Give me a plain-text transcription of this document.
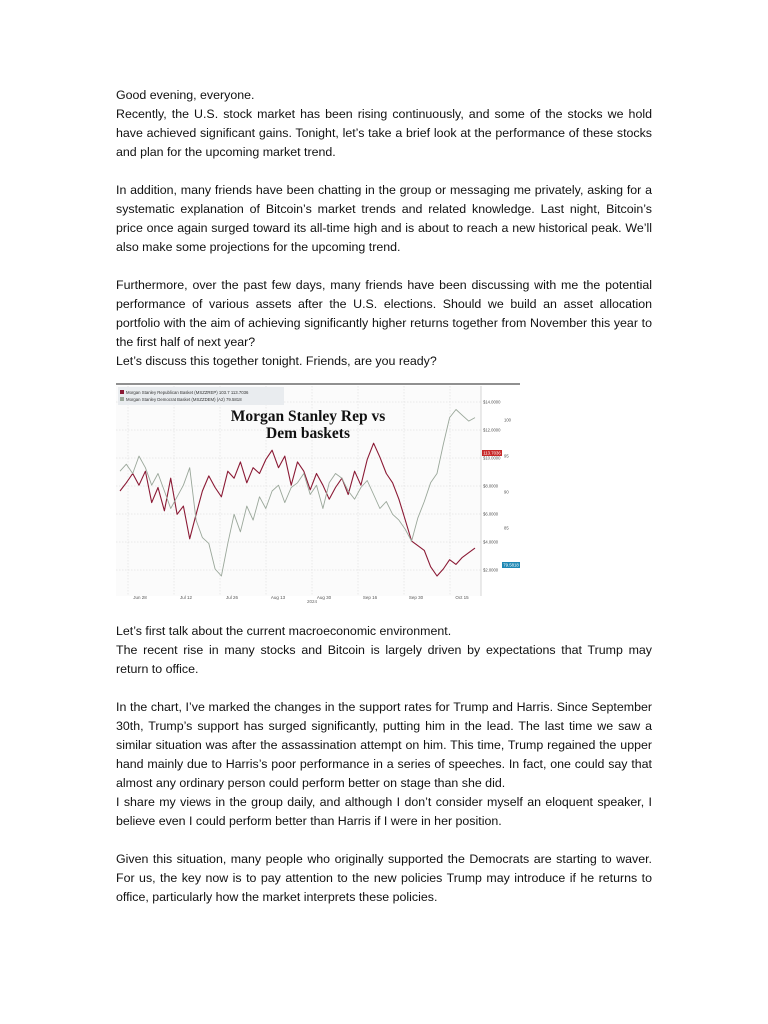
Good evening, everyone.

Recently, the U.S. stock market has been rising continuously, and some of the stocks we hold have achieved significant gains. Tonight, let’s take a brief look at the performance of these stocks and plan for the upcoming market trend.

In addition, many friends have been chatting in the group or messaging me privately, asking for a systematic explanation of Bitcoin’s market trends and related knowledge. Last night, Bitcoin’s price once again surged toward its all-time high and is about to reach a new historical peak. We’ll also make some projections for the upcoming trend.

Furthermore, over the past few days, many friends have been discussing with me the potential performance of various assets after the U.S. elections. Should we build an asset allocation portfolio with the aim of achieving significantly higher returns together from November this year to the first half of next year?

Let’s discuss this together tonight. Friends, are you ready?

Morgan Stanley Republican Basket (MSZZREP) 103.7 113.7036
Morgan Stanley Democrat Basket (MSZZDEM) (A2) 79.5818
Morgan Stanley Rep vs
Dem baskets
$14.0000
$12.0000
$10.0000
$8.0000
$6.0000
$4.0000
$2.0000
100
95
90
85
Jun 28	Jul 12	Jul 26	Aug 13	Aug 30	Sep 16	Sep 30	Oct 15
2024
113.7036
79.5818

Let’s first talk about the current macroeconomic environment.

The recent rise in many stocks and Bitcoin is largely driven by expectations that Trump may return to office.

In the chart, I’ve marked the changes in the support rates for Trump and Harris. Since September 30th, Trump’s support has surged significantly, putting him in the lead. The last time we saw a similar situation was after the assassination attempt on him. This time, Trump regained the upper hand mainly due to Harris’s poor performance in a series of speeches. In fact, one could say that almost any ordinary person could perform better on stage than she did.

I share my views in the group daily, and although I don’t consider myself an eloquent speaker, I believe even I could perform better than Harris if I were in her position.

Given this situation, many people who originally supported the Democrats are starting to waver. For us, the key now is to pay attention to the new policies Trump may introduce if he returns to office, particularly how the market interprets these policies.
